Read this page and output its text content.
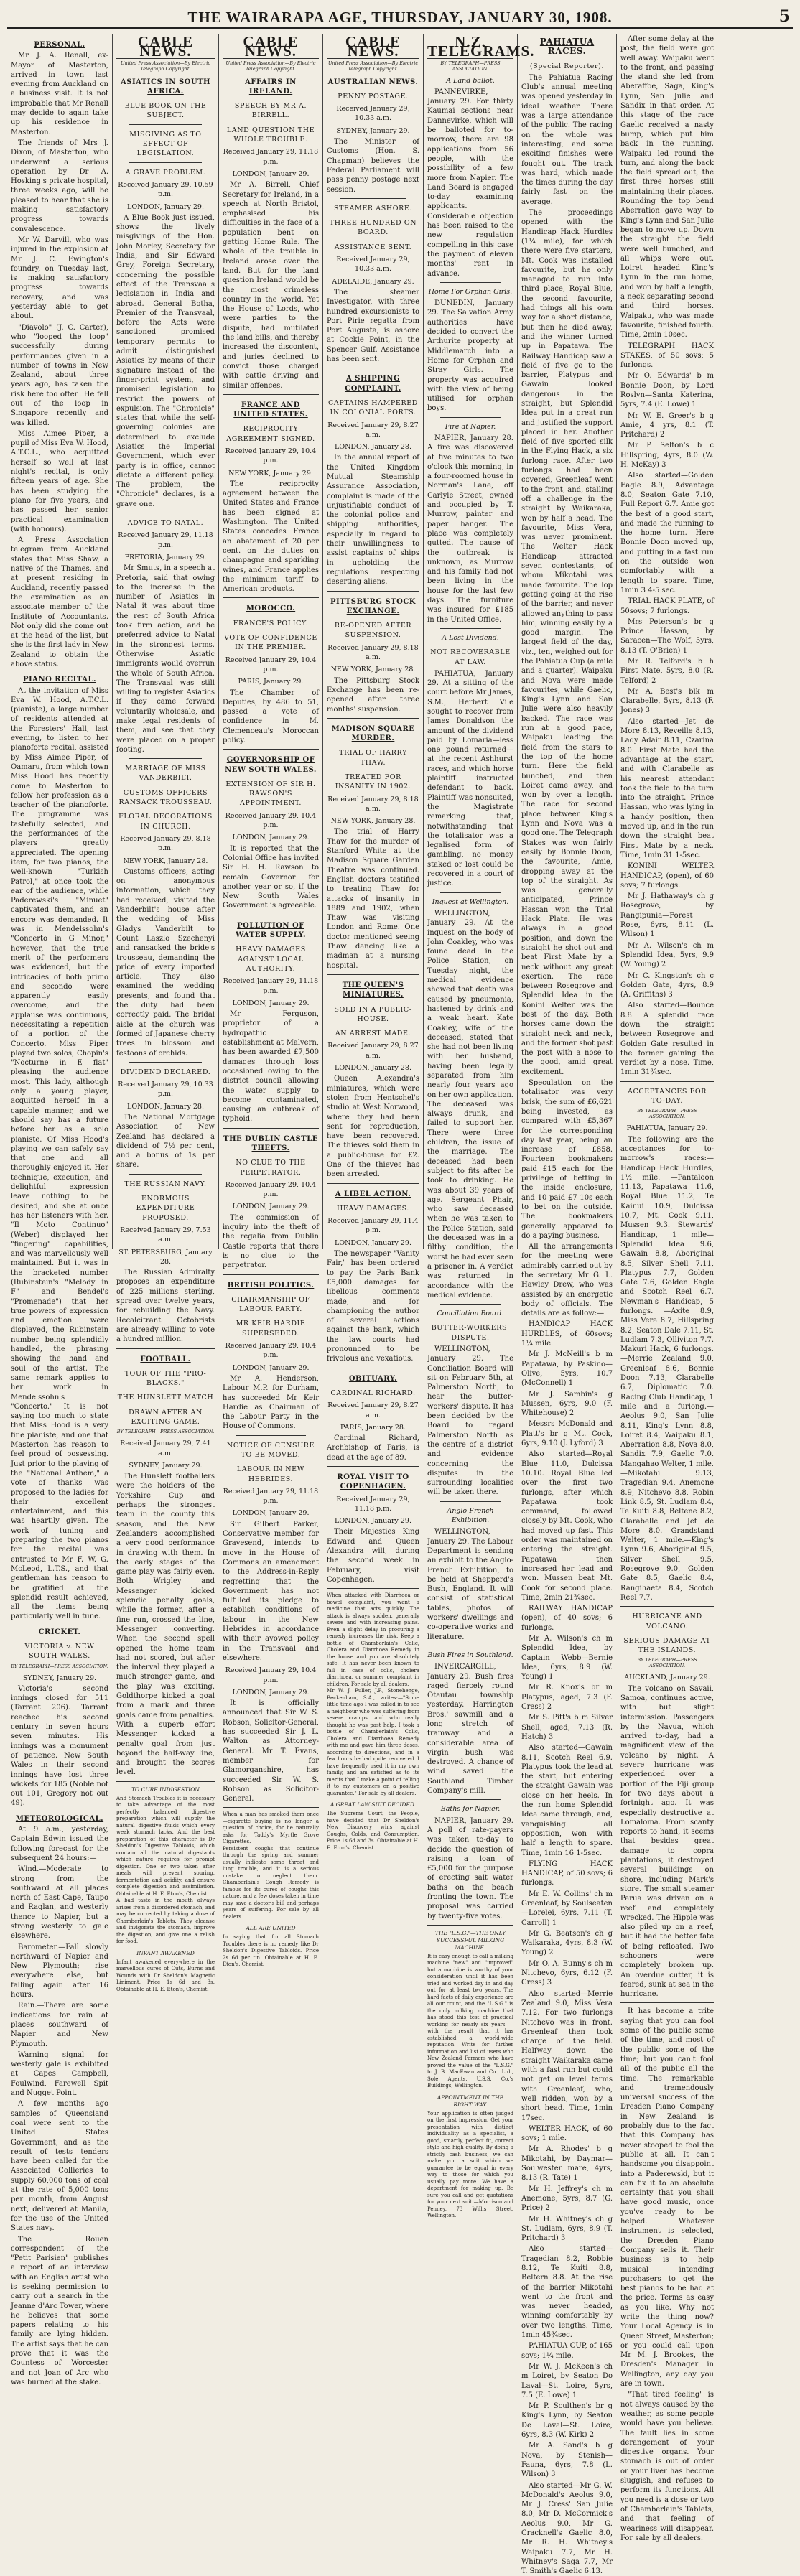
THE WAIRARAPA AGE, THURSDAY, JANUARY 30, 1908.	5
PERSONAL.

Mr J. A. Renall, ex-Mayor of Masterton, arrived in town last evening from Auckland on a business visit. It is not improbable that Mr Renall may decide to again take up his residence in Masterton.

The friends of Mrs J. Dixon, of Masterton, who underwent a serious operation by Dr A. Hosking's private hospital, three weeks ago, will be pleased to hear that she is making satisfactory progress towards convalescence.

Mr W. Darvill, who was injured in the explosion at Mr J. C. Ewington's foundry, on Tuesday last, is making satisfactory progress towards recovery, and was yesterday able to get about.

"Diavolo" (J. C. Carter), who "looped the loop" successfully during performances given in a number of towns in New Zealand, about three years ago, has taken the risk here too often. He fell out of the loop in Singapore recently and was killed.

Miss Aimee Piper, a pupil of Miss Eva W. Hood, A.T.C.L., who acquitted herself so well at last night's recital, is only fifteen years of age. She has been studying the piano for five years, and has passed her senior practical examination (with honours).

A Press Association telegram from Auckland states that Miss Shaw, a native of the Thames, and at present residing in Auckland, recently passed the examination as an associate member of the Institute of Accountants. Not only did she come out at the head of the list, but she is the first lady in New Zealand to obtain the above status.

PIANO RECITAL.

At the invitation of Miss Eva W. Hood, A.T.C.L. (pianiste), a large number of residents attended at the Foresters' Hall, last evening, to listen to her pianoforte recital, assisted by Miss Aimee Piper, of Oamaru, from which town Miss Hood has recently come to Masterton to follow her profession as a teacher of the pianoforte. The programme was tastefully selected, and the performances of the players greatly appreciated. The opening item, for two pianos, the well-known "Turkish Patrol," at once took the ear of the audience, while Paderewski's "Minuet" captivated them, and an encore was demanded. It was in Mendelssohn's "Concerto in G Minor," however, that the true merit of the performers was evidenced, but the intricacies of both primo and secondo were apparently easily overcome, and the applause was continuous, necessitating a repetition of a portion of the Concerto. Miss Piper played two solos, Chopin's "Nocturne in E flat" pleasing the audience most. This lady, although only a young player, acquitted herself in a capable manner, and we should say has a future before her as a solo pianiste. Of Miss Hood's playing we can safely say that one and all thoroughly enjoyed it. Her technique, execution, and delightful expression leave nothing to be desired, and she at once has her listeners with her. "Il Moto Continuo" (Weber) displayed her "fingering" capabilities, and was marvellously well maintained. But it was in the bracketed number (Rubinstein's "Melody in F" and Bendel's "Promenade") that her true powers of expression and emotion were displayed, the Rubinstein number being splendidly handled, the phrasing showing the hand and soul of the artist. The same remark applies to her work in Mendelssohn's "Concerto." It is not saying too much to state that Miss Hood is a very fine pianiste, and one that Masterton has reason to feel proud of possessing. Just prior to the playing of the "National Anthem," a vote of thanks was proposed to the ladies for their excellent entertainment, and this was heartily given. The work of tuning and preparing the two pianos for the recital was entrusted to Mr F. W. G. McLeod, L.T.S., and that gentleman has reason to be gratified at the splendid result achieved, all the items being particularly well in tune.

CRICKET.
VICTORIA v. NEW SOUTH WALES.
BY TELEGRAPH—PRESS ASSOCIATION.
SYDNEY, January 29.

Victoria's second innings closed for 511 (Tarrant 206). Tarrant reached his second century in seven hours seven minutes. His innings was a monument of patience. New South Wales in their second innings have lost three wickets for 185 (Noble not out 101, Gregory not out 49).

METEOROLOGICAL.

At 9 a.m., yesterday, Captain Edwin issued the following forecast for the subsequent 24 hours:—

Wind.—Moderate to strong from the southward at all places north of East Cape, Taupo and Raglan, and westerly thence to Napier, but a strong westerly to gale elsewhere.

Barometer.—Fall slowly northward of Napier and New Plymouth; rise everywhere else, but falling again after 16 hours.

Rain.—There are some indications for rain at places southward of Napier and New Plymouth.

Warning signal for westerly gale is exhibited at Capes Campbell, Foulwind, Farewell Spit and Nugget Point.

A few months ago samples of Queensland coal were sent to the United States Government, and as the result of tests tenders have been called for the Associated Collieries to supply 60,000 tons of coal at the rate of 5,000 tons per month, from August next, delivered at Manila, for the use of the United States navy.

The Rouen correspondent of the "Petit Parisien" publishes a report of an interview with an English artist who is seeking permission to carry out a search in the Jeanne d'Arc Tower, where he believes that some papers relating to his family are lying hidden. The artist says that he can prove that it was the Countess of Worcester and not Joan of Arc who was burned at the stake.

CABLE NEWS.
United Press Association—By Electric Telegraph Copyright.
ASIATICS IN SOUTH AFRICA.
BLUE BOOK ON THE SUBJECT.
MISGIVING AS TO EFFECT OF LEGISLATION.
A GRAVE PROBLEM.
Received January 29, 10.59 p.m.
LONDON, January 29.

A Blue Book just issued, shows the lively misgivings of the Hon. John Morley, Secretary for India, and Sir Edward Grey, Foreign Secretary, concerning the possible effect of the Transvaal's legislation in India and abroad. General Botha, Premier of the Transvaal, before the Acts were sanctioned promised temporary permits to admit distinguished Asiatics by means of their signature instead of the finger-print system, and promised legislation to restrict the powers of expulsion. The "Chronicle" states that while the self-governing colonies are determined to exclude Asiatics the Imperial Government, which ever party is in office, cannot dictate a different policy. The problem, the "Chronicle" declares, is a grave one.

ADVICE TO NATAL.
Received January 29, 11.18 p.m.
PRETORIA, January 29.

Mr Smuts, in a speech at Pretoria, said that owing to the increase in the number of Asiatics in Natal it was about time the rest of South Africa took firm action, and he preferred advice to Natal in the strongest terms. Otherwise Asiatic immigrants would overrun the whole of South Africa. The Transvaal was still willing to register Asiatics if they came forward voluntarily wholesale, and make legal residents of them, and see that they were placed on a proper footing.

MARRIAGE OF MISS VANDERBILT.
CUSTOMS OFFICERS RANSACK TROUSSEAU.
FLORAL DECORATIONS IN CHURCH.
Received January 29, 8.18 p.m.
NEW YORK, January 28.

Customs officers, acting on anonymous information, which they had received, visited the Vanderbilt's house after the wedding of Miss Gladys Vanderbilt to Count Laszlo Szechenyi and ransacked the bride's trousseau, demanding the price of every imported article. They also examined the wedding presents, and found that the duty had been correctly paid. The bridal aisle at the church was formed of Japanese cherry trees in blossom and festoons of orchids.

DIVIDEND DECLARED.
Received January 29, 10.33 p.m.
LONDON, January 28.

The National Mortgage Association of New Zealand has declared a dividend of 7½ per cent, and a bonus of 1s per share.

THE RUSSIAN NAVY.
ENORMOUS EXPENDITURE PROPOSED.
Received January 29, 7.53 a.m.
ST. PETERSBURG, January 28.

The Russian Admiralty proposes an expenditure of 225 millions sterling, spread over twelve years, for rebuilding the Navy. Recalcitrant Octobrists are already willing to vote a hundred million.

FOOTBALL.
TOUR OF THE "PRO-BLACKS."
THE HUNSLETT MATCH
DRAWN AFTER AN EXCITING GAME.
BY TELEGRAPH—PRESS ASSOCIATION.
Received January 29, 7.41 a.m.
SYDNEY, January 29.

The Hunslett footballers were the holders of the Yorkshire Cup and perhaps the strongest team in the county this season, and the New Zealanders accomplished a very good performance in drawing with them. In the early stages of the game play was fairly even. Both Wrigley and Messenger kicked splendid penalty goals, while the former, after a fine run, crossed the line, Messenger converting. When the second spell opened the home team had not scored, but after the interval they played a much stronger game, and the play was exciting. Goldthorpe kicked a goal from a mark and three goals came from penalties. With a superb effort Messenger kicked a penalty goal from just beyond the half-way line, and brought the scores level.

TO CURE INDIGESTION

And Stomach Troubles it is necessary to take advantage of the most perfectly balanced digestive preparation which will supply the natural digestive fluids which every weak stomach lacks. And the best preparation of this character is Dr Sheldon's Digestive Tabloids, which contain all the natural digestants which nature requires for prompt digestion. One or two taken after meals will prevent souring, fermentation and acidity, and ensure complete digestion and assimilation. Obtainable at H. E. Eton's, Chemist.

A bad taste in the mouth always arises from a disordered stomach, and may be corrected by taking a dose of Chamberlain's Tablets. They cleanse and invigorate the stomach, improve the digestion, and give one a relish for food.

INFANT AWAKENED

Infant awakened everywhere in the marvellous cures of Cuts, Burns and Wounds with Dr Sheldon's Magnetic Liniment. Price 1s 6d and 3s. Obtainable at H. E. Eton's, Chemist.

CABLE NEWS.
United Press Association—By Electric Telegraph Copyright.
AFFAIRS IN IRELAND.
SPEECH BY MR A. BIRRELL.
LAND QUESTION THE WHOLE TROUBLE.
Received January 29, 11.18 p.m.
LONDON, January 29.

Mr A. Birrell, Chief Secretary for Ireland, in a speech at North Bristol, emphasised his difficulties in the face of a population bent on getting Home Rule. The whole of the trouble in Ireland arose over the land. But for the land question Ireland would be the most crimeless country in the world. Yet the House of Lords, who were parties to the dispute, had mutilated the land bills, and thereby increased the discontent, and juries declined to convict those charged with cattle driving and similar offences.

FRANCE AND UNITED STATES.
RECIPROCITY AGREEMENT SIGNED.
Received January 29, 10.4 p.m.
NEW YORK, January 29.

The reciprocity agreement between the United States and France has been signed at Washington. The United States concedes France an abatement of 20 per cent. on the duties on champagne and sparkling wines, and France applies the minimum tariff to American products.

MOROCCO.
FRANCE'S POLICY.
VOTE OF CONFIDENCE IN THE PREMIER.
Received January 29, 10.4 p.m.
PARIS, January 29.

The Chamber of Deputies, by 486 to 51, passed a vote of confidence in M. Clemenceau's Moroccan policy.

GOVERNORSHIP OF NEW SOUTH WALES.
EXTENSION OF SIR H. RAWSON'S APPOINTMENT.
Received January 29, 10.4 p.m.
LONDON, January 29.

It is reported that the Colonial Office has invited Sir H. H. Rawson to remain Governor for another year or so, if the New South Wales Government is agreeable.

POLLUTION OF WATER SUPPLY.
HEAVY DAMAGES AGAINST LOCAL AUTHORITY.
Received January 29, 11.18 p.m.
LONDON, January 29.

Mr Ferguson, proprietor of a hydropathic establishment at Malvern, has been awarded £7,500 damages through loss occasioned owing to the district council allowing the water supply to become contaminated, causing an outbreak of typhoid.

THE DUBLIN CASTLE THEFTS.
NO CLUE TO THE PERPETRATOR.
Received January 29, 10.4 p.m.
LONDON, January 29.

The commission of inquiry into the theft of the regalia from Dublin Castle reports that there is no clue to the perpetrator.

BRITISH POLITICS.
CHAIRMANSHIP OF LABOUR PARTY.
MR KEIR HARDIE SUPERSEDED.
Received January 29, 10.4 p.m.
LONDON, January 29.

Mr A. Henderson, Labour M.P. for Durham, has succeeded Mr Keir Hardie as Chairman of the Labour Party in the House of Commons.

NOTICE OF CENSURE TO BE MOVED.
LABOUR IN NEW HEBRIDES.
Received January 29, 11.18 p.m.
LONDON, January 29.

Sir Gilbert Parker, Conservative member for Gravesend, intends to move in the House of Commons an amendment to the Address-in-Reply regretting that the Government has not fulfilled its pledge to establish conditions of labour in the New Hebrides in accordance with their avowed policy in the Transvaal and elsewhere.

Received January 29, 10.4 p.m.
LONDON, January 29.

It is officially announced that Sir W. S. Robson, Solicitor-General, has succeeded Sir J. L. Walton as Attorney-General. Mr T. Evans, member for Glamorganshire, has succeeded Sir W. S. Robson as Solicitor-General.

When a man has smoked them once—cigarette buying is no longer a question of choice, for he naturally asks for Taddy's Myrtle Grove Cigarettes.

Persistent coughs that continue through the spring and summer usually indicate some throat and lung trouble, and it is a serious mistake to neglect them. Chamberlain's Cough Remedy is famous for its cures of coughs this nature, and a few doses taken in time may save a doctor's bill and perhaps years of suffering. For sale by all dealers.

ALL ARE UNITED

In saying that for all Stomach Troubles there is no remedy like Dr Sheldon's Digestive Tabloids. Price 2s 6d per tin. Obtainable at H. E. Eton's, Chemist.

CABLE NEWS.
United Press Association—By Electric Telegraph Copyright.
AUSTRALIAN NEWS.
PENNY POSTAGE.
Received January 29, 10.33 a.m.
SYDNEY, January 29.

The Minister of Customs (Hon. S. Chapman) believes the Federal Parliament will pass penny postage next session.

STEAMER ASHORE.
THREE HUNDRED ON BOARD.
ASSISTANCE SENT.
Received January 29, 10.33 a.m.
ADELAIDE, January 29.

The steamer Investigator, with three hundred excursionists to Port Pirie regatta from Port Augusta, is ashore at Cockle Point, in the Spencer Gulf. Assistance has been sent.

A SHIPPING COMPLAINT.
CAPTAINS HAMPERED IN COLONIAL PORTS.
Received January 29, 8.27 a.m.
LONDON, January 28.

In the annual report of the United Kingdom Mutual Steamship Assurance Association, complaint is made of the unjustifiable conduct of the colonial police and shipping authorities, especially in regard to their unwillingness to assist captains of ships in upholding the regulations respecting deserting aliens.

PITTSBURG STOCK EXCHANGE.
RE-OPENED AFTER SUSPENSION.
Received January 29, 8.18 a.m.
NEW YORK, January 28.

The Pittsburg Stock Exchange has been re-opened after three months' suspension.

MADISON SQUARE MURDER.
TRIAL OF HARRY THAW.
TREATED FOR INSANITY IN 1902.
Received January 29, 8.18 a.m.
NEW YORK, January 28.

The trial of Harry Thaw for the murder of Stanford White at the Madison Square Garden Theatre was continued. English doctors testified to treating Thaw for attacks of insanity in 1889 and 1902, when Thaw was visiting London and Rome. One doctor mentioned seeing Thaw dancing like a madman at a nursing hospital.

THE QUEEN'S MINIATURES.
SOLD IN A PUBLIC-HOUSE.
AN ARREST MADE.
Received January 29, 8.27 a.m.
LONDON, January 28.

Queen Alexandra's miniatures, which were stolen from Hentschel's studio at West Norwood, where they had been sent for reproduction, have been recovered. The thieves sold them in a public-house for £2. One of the thieves has been arrested.

A LIBEL ACTION.
HEAVY DAMAGES.
Received January 29, 11.4 p.m.
LONDON, January 29.

The newspaper "Vanity Fair," has been ordered to pay the Paris Bank £5,000 damages for libellous comments made, and for championing the author of several actions against the bank, which the law courts had pronounced to be frivolous and vexatious.

OBITUARY.
CARDINAL RICHARD.
Received January 29, 8.27 a.m.
PARIS, January 28.

Cardinal Richard, Archbishop of Paris, is dead at the age of 89.

ROYAL VISIT TO COPENHAGEN.
Received January 29, 11.18 p.m.
LONDON, January 29.

Their Majesties King Edward and Queen Alexandra will, during the second week in February, visit Copenhagen.

When attacked with Diarrhoea or bowel complaint, you want a medicine that acts quickly. The attack is always sudden, generally severe and with increasing pains. Even a slight delay in procuring a remedy increases the risk. Keep a bottle of Chamberlain's Colic, Cholera and Diarrhoea Remedy in the house and you are absolutely safe. It has never been known to fail in case of colic, cholera diarrhoea, or summer complaint in children. For sale by all dealers.

Mr W. J. Fuller, J.P., Stonehenge, Beckenham, S.A., writes:—"Some little time ago I was called in to see a neighbour who was suffering from severe cramps, and who really thought he was past help. I took a bottle of Chamberlain's Colic, Cholera and Diarrhoea Remedy with me and gave him three doses, according to directions, and in a few hours he had quite recovered. I have frequently used it in my own family, and am satisfied as to its merits that I make a point of telling it to my customers on a positive guarantee." For sale by all dealers.

A GREAT LAW SUIT DECIDED.

The Supreme Court, the People, have decided that Dr Sheldon's New Discovery wins against Coughs, Colds, and Consumption. Price 1s 6d and 3s. Obtainable at H. E. Eton's, Chemist.

N.Z. TELEGRAMS.
BY TELEGRAPH—PRESS ASSOCIATION.
A Land ballot.

PANNEVIRKE, January 29. For thirty Kaumai sections near Dannevirke, which will be balloted for to-morrow, there are 98 applications from 56 people, with the possibility of a few more from Napier. The Land Board is engaged to-day examining applicants. Considerable objection has been raised to the new regulation compelling in this case the payment of eleven months' rent in advance.

Home For Orphan Girls.

DUNEDIN, January 29. The Salvation Army authorities have decided to convert the Arthurite property at Middlemarch into a Home for Orphan and Stray Girls. The property was acquired with the view of being utilised for orphan boys.

Fire at Napier.

NAPIER, January 28. A fire was discovered at five minutes to two o'clock this morning, in a four-roomed house in Norman's Lane, off Carlyle Street, owned and occupied by T. Murrow, painter and paper hanger. The place was completely gutted. The cause of the outbreak is unknown, as Murrow and his family had not been living in the house for the last few days. The furniture was insured for £185 in the United Office.

A Lost Dividend.
NOT RECOVERABLE AT LAW.

PAHIATUA, January 29. At a sitting of the court before Mr James, S.M., Herbert Vile sought to recover from James Donaldson the amount of the dividend paid by Lomaria—less one pound returned—at the recent Ashhurst races, and which horse plaintiff instructed defendant to back. Plaintiff was nonsuited, the Magistrate remarking that, notwithstanding that the totalisator was a legalised form of gambling, no money staked or lost could be recovered in a court of justice.

Inquest at Wellington.

WELLINGTON, January 29. At the inquest on the body of John Coakley, who was found dead in the Police Station, on Tuesday night, the medical evidence showed that death was caused by pneumonia, hastened by drink and a weak heart. Kate Coakley, wife of the deceased, stated that she had not been living with her husband, having been legally separated from him nearly four years ago on her own application. The deceased was always drunk, and failed to support her. There were three children, the issue of the marriage. The deceased had been subject to fits after he took to drinking. He was about 39 years of age. Sergeant Phair, who saw deceased when he was taken to the Police Station, said the deceased was in a filthy condition, the worst he had ever seen a prisoner in. A verdict was returned in accordance with the medical evidence.

Conciliation Board.
BUTTER-WORKERS' DISPUTE.

WELLINGTON, January 29. The Conciliation Board will sit on February 5th, at Palmerston North, to hear the butter-workers' dispute. It has been decided by the Board to regard Palmerston North as the centre of a district and evidence concerning the disputes in the surrounding localities will be taken there.

Anglo-French Exhibition.

WELLINGTON, January 29. The Labour Department is sending an exhibit to the Anglo-French Exhibition, to be held at Shepperd's Bush, England. It will consist of statistical tables, photos of workers' dwellings and co-operative works and literature.

Bush Fires in Southland.

INVERCARGILL, January 29. Bush fires raged fiercely round Otautau township yesterday. Harrington Bros.' sawmill and a long stretch of tramway and a considerable area of virgin bush was destroyed. A change of wind saved the Southland Timber Company's mill.

Baths for Napier.

NAPIER, January 29. A poll of rate-payers was taken to-day to decide the question of raising a loan of £5,000 for the purpose of erecting salt water baths on the beach fronting the town. The proposal was carried by twenty-five votes.

THE "L.S.G."—THE ONLY SUCCESSFUL MILKING MACHINE.

It is easy enough to call a milking machine "new" and "improved" but a machine is worthy of your consideration until it has been tried and worked day in and day out for at least two years. The hard facts of daily experience are all our count, and the "L.S.G." is the only milking machine that has stood this test of practical working for nearly six years —with the result that it has established a world-wide reputation. Write for further information and list of users who New Zealand Farmers who have proved the value of the "L.S.G." to J. B. MacEwan and Co., Ltd., Sole Agents, U.S.S. Co.'s Buildings, Wellington.

APPOINTMENT IN THE RIGHT WAY.

Your application is often judged on the first impression. Get your presentation with distinct individuality as a specialist, a good, smartly, perfect fit, correct style and high quality. By doing a strictly cash business, we can make you a suit which we guarantee to be equal in every way to those for which you usually pay more. We have a department for making up. Be sure you call and get quotations for your next suit.—Morrison and Penney, 73 Willis Street, Wellington.

PAHIATUA RACES.
(Special Reporter).

The Pahiatua Racing Club's annual meeting was opened yesterday in ideal weather. There was a large attendance of the public. The racing on the whole was interesting, and some exciting finishes were fought out. The track was hard, which made the times during the day fairly fast on the average.

The proceedings opened with the Handicap Hack Hurdles (1¼ mile), for which there were five starters, Mt. Cook was installed favourite, but he only managed to run into third place, Royal Blue, the second favourite, had things all his own way for a short distance, but then he died away, and the winner turned up in Papatawa. The Railway Handicap saw a field of five go to the barrier, Platypus and Gawain looked dangerous in the straight, but Splendid Idea put in a great run and justified the support placed in her. Another field of five sported silk in the Flying Hack, a six furlong race. After two furlongs had been covered, Greenleaf went to the front, and, stalling off a challenge in the straight by Waikaraka, won by half a head. The favourite, Miss Vera, was never prominent. The Welter Hack Handicap attracted seven contestants, of whom Mikotahi was made favourite. The lop getting going at the rise of the barrier, and never allowed anything to pass him, winning easily by a good margin. The largest field of the day, viz., ten, weighed out for the Pahiatua Cup (a mile and a quarter). Waipaku and Nova were made favourites, while Gaelic, King's Lynn and San Julie were also heavily backed. The race was run at a good pace, Waipaku leading the field from the stars to the top of the home turn. Here the field bunched, and then Loiret came away, and won by over a length. The race for second place between King's Lynn and Nova was a good one. The Telegraph Stakes was won fairly easily by Bonnie Doon, the favourite, Amie, dropping away at the top of the straight. As was generally anticipated, Prince Hassan won the Trial Hack Plate. He was always in a good position, and down the straight he shot out and beat First Mate by a neck without any great exertion. The race between Rosegrove and Splendid Idea in the Konini Welter was the best of the day. Both horses came down the straight neck and neck, and the former shot past the post with a nose to the good, amid great excitement.

Speculation on the totalisator was very brisk, the sum of £6,621 being invested, as compared with £5,367 for the corresponding day last year, being an increase of £858. Fourteen bookmakers paid £15 each for the privilege of betting in the inside enclosure, and 10 paid £7 10s each to bet on the outside. The bookmakers generally appeared to do a paying business.

All the arrangements for the meeting were admirably carried out by the secretary, Mr G. L. Hawley Drew, who was assisted by an energetic body of officials. The details are as follow:—

HANDICAP HACK HURDLES, of 60sovs; 1¼ mile.

Mr J. McNeill's b m Papatawa, by Paskino—Olive, 5yrs, 10.7 (McConnell) 1

Mr J. Sambin's g Mussen, 6yrs, 9.0 (F. Whitehouse) 2

Messrs McDonald and Platt's br g Mt. Cook, 6yrs, 9.10 (J. Lyford) 3

Also started—Royal Blue 11.0, Dulcissa 10.10. Royal Blue led over the first two furlongs, after which Papatawa took command, followed closely by Mt. Cook, who had moved up fast. This order was maintained on entering the straight. Papatawa then increased her lead and won. Mussen beat Mt. Cook for second place. Time, 2min 21¾sec.

RAILWAY HANDICAP (open), of 40 sovs; 6 furlongs.

Mr A. Wilson's ch m Splendid Idea, by Captain Webb—Bernie Idea, 6yrs, 8.9 (W. Young) 1

Mr R. Knox's br m Platypus, aged, 7.3 (F. Cress) 2

Mr S. Pitt's b m Silver Shell, aged, 7.13 (R. Hatch) 3

Also started—Gawain 8.11, Scotch Reel 6.9. Platypus took the lead at the start, but entering the straight Gawain was close on her heels. In the run home Splendid Idea came through, and, vanquishing all opposition, won with half a length to spare. Time, 1min 16 1-5sec.

FLYING HACK HANDICAP, of 50 sovs; 6 furlongs.

Mr E. W. Collins' ch m Greenleaf, by Soulseaten—Lorelei, 6yrs, 7.11 (T. Carroll) 1

Mr G. Beatson's ch g Waikaraka, 4yrs, 8.3 (W. Young) 2

Mr O. A. Bunny's ch m Nitchevo, 6yrs, 6.12 (F. Cress) 3

Also started—Merrie Zealand 9.0, Miss Vera 7.12. For two furlongs Nitchevo was in front. Greenleaf then took charge of the field. Halfway down the straight Waikaraka came with a fast run but could not get on level terms with Greenleaf, who, well ridden, won by a short head. Time, 1min 17sec.

WELTER HACK, of 60 sovs; 1 mile.

Mr A. Rhodes' b g Mikotahi, by Daymar—Sou'wester mare, 4yrs, 8.13 (R. Tate) 1

Mr H. Jeffrey's ch m Anemone, 5yrs, 8.7 (G. Price) 2

Mr H. Whitney's ch g St. Ludlam, 6yrs, 8.9 (T. Pritchard) 3

Also started—Tragedian 8.2, Robbie 8.12, Te Kuiti 8.8, Beltern 8.8. At the rise of the barrier Mikotahi went to the front and was never headed, winning comfortably by over two lengths. Time, 1min 45¾sec.

PAHIATUA CUP, of 165 sovs; 1¼ mile.

Mr W. J. McKeen's ch m Loiret, by Seaton Do Laval—St. Loire, 5yrs, 7.5 (E. Lowe) 1

Mr P. Sculthen's br g King's Lynn, by Seaton De Laval—St. Loire, 6yrs, 8.3 (W. Kirk) 2

Mr A. Sand's b g Nova, by Stenish—Fauna, 6yrs, 7.8 (L. Wilson) 3

Also started—Mr G. W. McDonald's Aeolus 9.0, Mr J. Cress' San Julie 8.0, Mr D. McCormick's Aeolus 9.0, Mr G. Cracknell's Gaelic 8.0, Mr R. H. Whitney's Waipaku 7.7, Mr H. Whitney's Saga 7.7, Mr T. Smith's Gaelic 6.13.

After some delay at the post, the field were got well away. Waipaku went to the front, and passing the stand she led from Aberaffoe, Saga, King's Lynn, San Julie and Sandix in that order. At this stage of the race Gaelic received a nasty bump, which put him back in the running. Waipaku led round the turn, and along the back the field spread out, the first three horses still maintaining their places. Rounding the top bend Aberration gave way to King's Lynn and San Julie began to move up. Down the straight the field were well bunched, and all whips were out. Loiret headed King's Lynn in the run home, and won by half a length, a neck separating second and third horses. Waipaku, who was made favourite, finished fourth. Time, 2min 10sec.

TELEGRAPH HACK STAKES, of 50 sovs; 5 furlongs.

Mr O. Edwards' b m Bonnie Doon, by Lord Roslyn—Santa Katerina, 5yrs, 7.4 (E. Lowe) 1

Mr W. E. Greer's b g Amie, 4 yrs, 8.1 (T. Pritchard) 2

Mr P. Selton's b c Hillspring, 4yrs, 8.0 (W. H. McKay) 3

Also started—Golden Eagle 8.9, Advantage 8.0, Seaton Gate 7.10, Full Report 6.7. Amie got the best of a good start, and made the running to the home turn. Here Bonnie Doon moved up, and putting in a fast run on the outside won comfortably with a length to spare. Time, 1min 3 4-5 sec.

TRIAL HACK PLATE, of 50sovs; 7 furlongs.

Mrs Peterson's br g Prince Hassan, by Saracen—The Wolf, 5yrs, 8.13 (T. O'Brien) 1

Mr R. Telford's b h First Mate, 5yrs, 8.0 (R. Telford) 2

Mr A. Best's blk m Clarabelle, 5yrs, 8.13 (F. Jones) 3

Also started—Jet de More 8.13, Reveille 8.13, Lady Adair 8.11, Czarina 8.0. First Mate had the advantage at the start, and with Clarabelle as his nearest attendant took the field to the turn into the straight. Prince Hassan, who was lying in a handy position, then moved up, and in the run down the straight beat First Mate by a neck. Time, 1min 31 1-5sec.

KONINI WELTER HANDICAP, (open), of 60 sovs; 7 furlongs.

Mr J. Hathaway's ch g Rosegrove, by Rangipunia—Forest Rose, 6yrs, 8.11 (L. Wilson) 1

Mr A. Wilson's ch m Splendid Idea, 5yrs, 9.9 (W. Young) 2

Mr C. Kingston's ch c Golden Gate, 4yrs, 8.9 (A. Griffiths) 3

Also started—Bounce 8.8. A splendid race down the straight between Rosegrove and Golden Gate resulted in the former gaining the verdict by a nose. Time, 1min 31¾sec.

ACCEPTANCES FOR TO-DAY.
BY TELEGRAPH—PRESS ASSOCIATION.
PAHIATUA, January 29.

The following are the acceptances for to-morrow's races:— Handicap Hack Hurdles, 1½ mile. —Pantaloon 11.13, Papatawa 11.6, Royal Blue 11.2, Te Kainui 10.9, Dulcissa 10.7, Mt. Cook 9.11, Mussen 9.3. Stewards' Handicap, 1 mile—Splendid Idea 9.6, Gawain 8.8, Aboriginal 8.5, Silver Shell 7.11, Platypus 7.7, Golden Gate 7.6, Golden Eagle and Scotch Reel 6.7. Newman's Handicap, 5 furlongs. —Axite 8.9, Miss Vera 8.7, Hillspring 8.2, Seaton Dale 7.11, St. Ludlam 7.3, Olliviton 7.7. Makuri Hack, 6 furlongs.—Merrie Zealand 9.0, Greenleaf 8.6, Bonnie Doon 7.13, Clarabelle 6.7, Diplomatic 7.0. Racing Club Handicap, 1 mile and a furlong.—Aeolus 9.0, San Julie 8.11, King's Lynn 8.8, Loiret 8.4, Waipaku 8.1, Aberration 8.8, Nova 8.0, Sandix 7.9, Gaelic 7.0. Mangahao Welter, 1 mile.—Mikotahi 9.13, Tragedian 9.4, Anemone 8.9, Nitchevo 8.8, Robin Link 8.5, St. Ludlam 8.4, Te Kuiti 8.8, Beltene 8.2, Clarabelle and Jet de More 8.0. Grandstand Welter, 1 mile.—King's Lynn 9.6, Aboriginal 9.5, Silver Shell 9.5, Rosegrove 9.0, Golden Gate 8.5, Gaelic 8.4, Rangihaeta 8.4, Scotch Reel 7.7.

HURRICANE AND VOLCANO.
SERIOUS DAMAGE AT THE ISLANDS.
BY TELEGRAPH—PRESS ASSOCIATION.
AUCKLAND, January 29.

The volcano on Savaii, Samoa, continues active, with but slight intermission. Passengers by the Navua, which arrived to-day, had a magnificent view of the volcano by night. A severe hurricane was experienced over a portion of the Fiji group for two days about a fortnight ago. It was especially destructive at Lomaloma. From scanty reports to hand, it seems that besides great damage to copra plantations, it destroyed several buildings on shore, including Mark's store. The small steamer Parua was driven on a reef and completely wrecked. The Hipple was also piled up on a reef, but it had the better fate of being refloated. Two schooners were completely broken up. An overdue cutter, it is feared, sunk at sea in the hurricane.

It has become a trite saying that you can fool some of the public some of the time, and most of the public some of the time; but you can't fool all of the public all the time. The remarkable and tremendously universal success of the Dresden Piano Company in New Zealand is probably due to the fact that this Company has never stooped to fool the public at all. It can't handsome you disappoint into a Paderewski, but it can fix it to an absolute certainty that you shall have good music, once you've ready to be helped. Whatever instrument is selected, the Dresden Piano Company sells it. Their business is to help musical intending purchasers to get the best pianos to be had at the price. Terms as easy as you like. Why not write the thing now? Your Local Agency is in Queen Street, Masterton; or you could call upon Mr M. J. Brookes, the Dresden's Manager in Wellington, any day you are in town.

"That tired feeling" is not always caused by the weather, as some people would have you believe. The fault lies in some derangement of your digestive organs. Your stomach is out of order or your liver has become sluggish, and refuses to perform its functions. All you need is a dose or two of Chamberlain's Tablets, and that feeling of weariness will disappear. For sale by all dealers.
